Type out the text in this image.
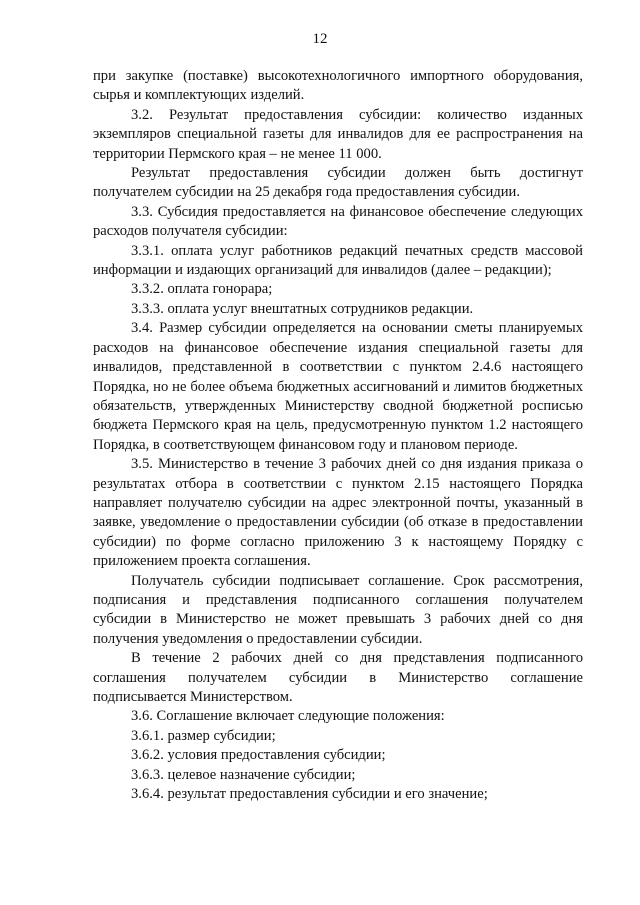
12

при закупке (поставке) высокотехнологичного импортного оборудования, сырья и комплектующих изделий.

3.2. Результат предоставления субсидии: количество изданных экземпляров специальной газеты для инвалидов для ее распространения на территории Пермского края – не менее 11 000.

Результат предоставления субсидии должен быть достигнут получателем субсидии на 25 декабря года предоставления субсидии.

3.3. Субсидия предоставляется на финансовое обеспечение следующих расходов получателя субсидии:

3.3.1. оплата услуг работников редакций печатных средств массовой информации и издающих организаций для инвалидов (далее – редакции);

3.3.2. оплата гонорара;

3.3.3. оплата услуг внештатных сотрудников редакции.

3.4. Размер субсидии определяется на основании сметы планируемых расходов на финансовое обеспечение издания специальной газеты для инвалидов, представленной в соответствии с пунктом 2.4.6 настоящего Порядка, но не более объема бюджетных ассигнований и лимитов бюджетных обязательств, утвержденных Министерству сводной бюджетной росписью бюджета Пермского края на цель, предусмотренную пунктом 1.2 настоящего Порядка, в соответствующем финансовом году и плановом периоде.

3.5. Министерство в течение 3 рабочих дней со дня издания приказа о результатах отбора в соответствии с пунктом 2.15 настоящего Порядка направляет получателю субсидии на адрес электронной почты, указанный в заявке, уведомление о предоставлении субсидии (об отказе в предоставлении субсидии) по форме согласно приложению 3 к настоящему Порядку с приложением проекта соглашения.

Получатель субсидии подписывает соглашение. Срок рассмотрения, подписания и представления подписанного соглашения получателем субсидии в Министерство не может превышать 3 рабочих дней со дня получения уведомления о предоставлении субсидии.

В течение 2 рабочих дней со дня представления подписанного соглашения получателем субсидии в Министерство соглашение подписывается Министерством.

3.6. Соглашение включает следующие положения:

3.6.1. размер субсидии;

3.6.2. условия предоставления субсидии;

3.6.3. целевое назначение субсидии;

3.6.4. результат предоставления субсидии и его значение;
